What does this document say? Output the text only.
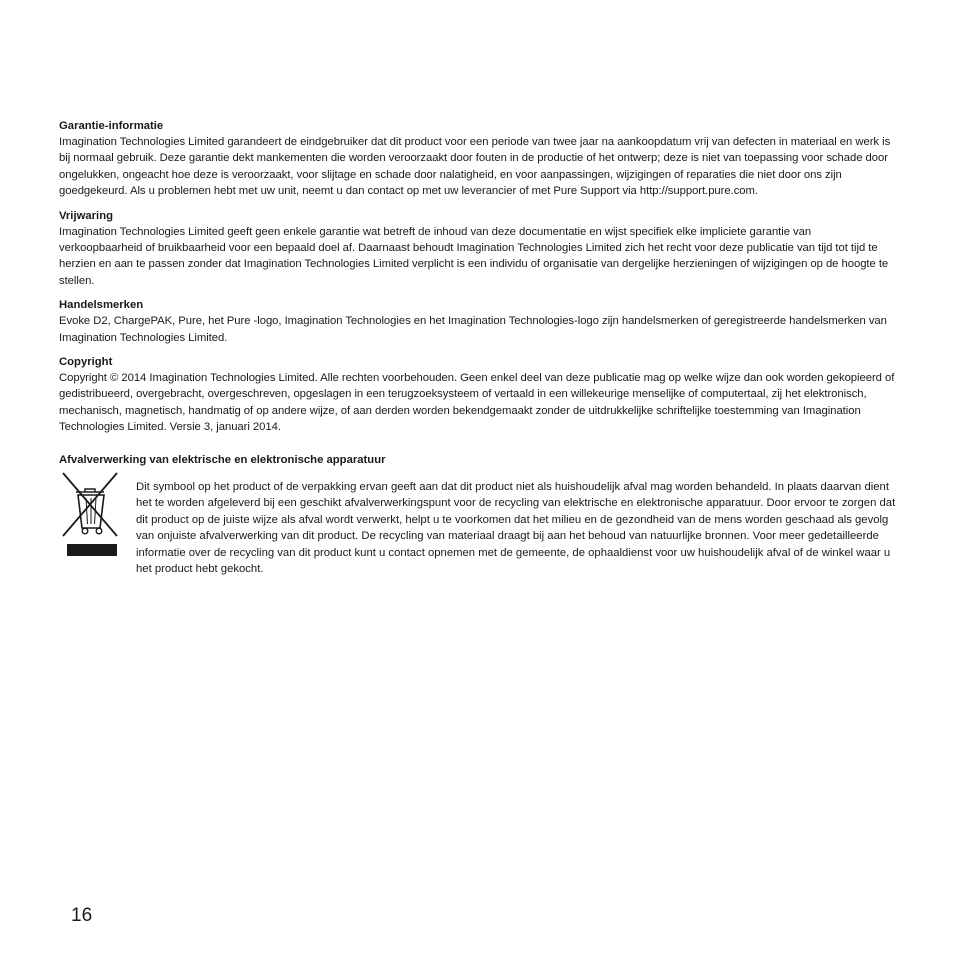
Garantie-informatie

Imagination Technologies Limited garandeert de eindgebruiker dat dit product voor een periode van twee jaar na aankoopdatum vrij van defecten in materiaal en werk is bij normaal gebruik. Deze garantie dekt mankementen die worden veroorzaakt door fouten in de productie of het ontwerp; deze is niet van toepassing voor schade door ongelukken, ongeacht hoe deze is veroorzaakt, voor slijtage en schade door nalatigheid, en voor aanpassingen, wijzigingen of reparaties die niet door ons zijn goedgekeurd. Als u problemen hebt met uw unit, neemt u dan contact op met uw leverancier of met Pure Support via http://support.pure.com.

Vrijwaring

Imagination Technologies Limited geeft geen enkele garantie wat betreft de inhoud van deze documentatie en wijst specifiek elke impliciete garantie van verkoopbaarheid of bruikbaarheid voor een bepaald doel af. Daarnaast behoudt Imagination Technologies Limited zich het recht voor deze publicatie van tijd tot tijd te herzien en aan te passen zonder dat Imagination Technologies Limited verplicht is een individu of organisatie van dergelijke herzieningen of wijzigingen op de hoogte te stellen.

Handelsmerken

Evoke D2, ChargePAK, Pure, het Pure -logo, Imagination Technologies en het Imagination Technologies-logo zijn handelsmerken of geregistreerde handelsmerken van Imagination Technologies Limited.

Copyright

Copyright © 2014 Imagination Technologies Limited. Alle rechten voorbehouden. Geen enkel deel van deze publicatie mag op welke wijze dan ook worden gekopieerd of gedistribueerd, overgebracht, overgeschreven, opgeslagen in een terugzoeksysteem of vertaald in een willekeurige menselijke of computertaal, zij het elektronisch, mechanisch, magnetisch, handmatig of op andere wijze, of aan derden worden bekendgemaakt zonder de uitdrukkelijke schriftelijke toestemming van Imagination Technologies Limited. Versie 3, januari 2014.

Afvalverwerking van elektrische en elektronische apparatuur

Dit symbool op het product of de verpakking ervan geeft aan dat dit product niet als huishoudelijk afval mag worden behandeld. In plaats daarvan dient het te worden afgeleverd bij een geschikt afvalverwerkingspunt voor de recycling van elektrische en elektronische apparatuur. Door ervoor te zorgen dat dit product op de juiste wijze als afval wordt verwerkt, helpt u te voorkomen dat het milieu en de gezondheid van de mens worden geschaad als gevolg van onjuiste afvalverwerking van dit product. De recycling van materiaal draagt bij aan het behoud van natuurlijke bronnen. Voor meer gedetailleerde informatie over de recycling van dit product kunt u contact opnemen met de gemeente, de ophaaldienst voor uw huishoudelijk afval of de winkel waar u het product hebt gekocht.

16
